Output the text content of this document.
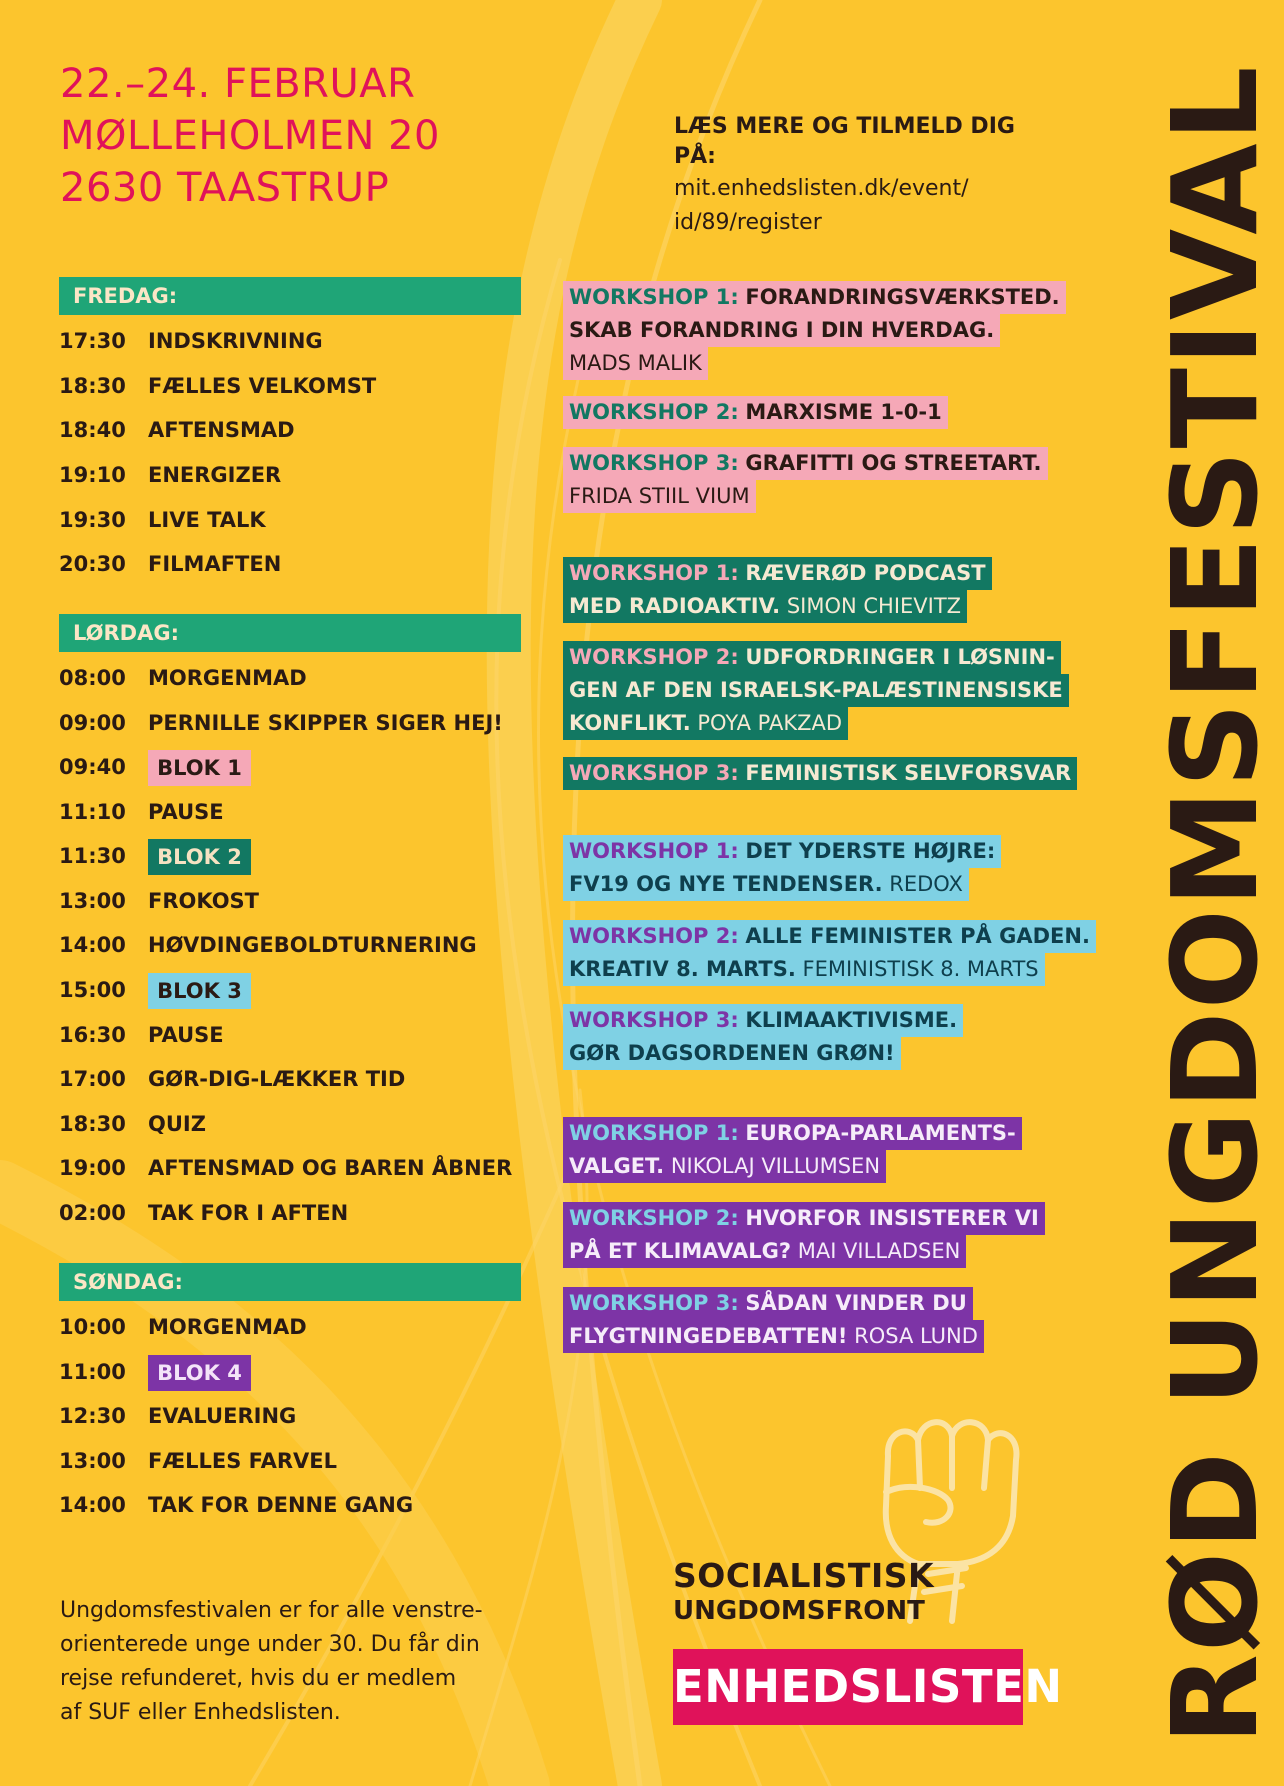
22.–24. FEBRUAR
MØLLEHOLMEN 20
2630 TAASTRUP
LÆS MERE OG TILMELD DIG PÅ:
mit.enhedslisten.dk/event/
id/89/register
FREDAG:
17:30	INDSKRIVNING
18:30	FÆLLES VELKOMST
18:40	AFTENSMAD
19:10	ENERGIZER
19:30	LIVE TALK
20:30	FILMAFTEN
LØRDAG:
08:00	MORGENMAD
09:00	PERNILLE SKIPPER SIGER HEJ!
09:40	BLOK 1
11:10	PAUSE
11:30	BLOK 2
13:00	FROKOST
14:00	HØVDINGEBOLDTURNERING
15:00	BLOK 3
16:30	PAUSE
17:00	GØR-DIG-LÆKKER TID
18:30	QUIZ
19:00	AFTENSMAD OG BAREN ÅBNER
02:00	TAK FOR I AFTEN
SØNDAG:
10:00	MORGENMAD
11:00	BLOK 4
12:30	EVALUERING
13:00	FÆLLES FARVEL
14:00	TAK FOR DENNE GANG
WORKSHOP 1: FORANDRINGSVÆRKSTED.
SKAB FORANDRING I DIN HVERDAG.
MADS MALIK
WORKSHOP 2: MARXISME 1-0-1
WORKSHOP 3: GRAFITTI OG STREETART.
FRIDA STIIL VIUM
WORKSHOP 1: RÆVERØD PODCAST
MED RADIOAKTIV. SIMON CHIEVITZ
WORKSHOP 2: UDFORDRINGER I LØSNIN-
GEN AF DEN ISRAELSK-PALÆSTINENSISKE
KONFLIKT. POYA PAKZAD
WORKSHOP 3: FEMINISTISK SELVFORSVAR
WORKSHOP 1: DET YDERSTE HØJRE:
FV19 OG NYE TENDENSER. REDOX
WORKSHOP 2: ALLE FEMINISTER PÅ GADEN.
KREATIV 8. MARTS. FEMINISTISK 8. MARTS
WORKSHOP 3: KLIMAAKTIVISME.
GØR DAGSORDENEN GRØN!
WORKSHOP 1: EUROPA-PARLAMENTS-
VALGET. NIKOLAJ VILLUMSEN
WORKSHOP 2: HVORFOR INSISTERER VI
PÅ ET KLIMAVALG? MAI VILLADSEN
WORKSHOP 3: SÅDAN VINDER DU
FLYGTNINGEDEBATTEN! ROSA LUND
Ungdomsfestivalen er for alle venstre-
orienterede unge under 30. Du får din
rejse refunderet, hvis du er medlem
af SUF eller Enhedslisten.
SOCIALISTISK
UNGDOMSFRONT
ENHEDSLISTEN RØD UNGDOMSFESTIVAL
